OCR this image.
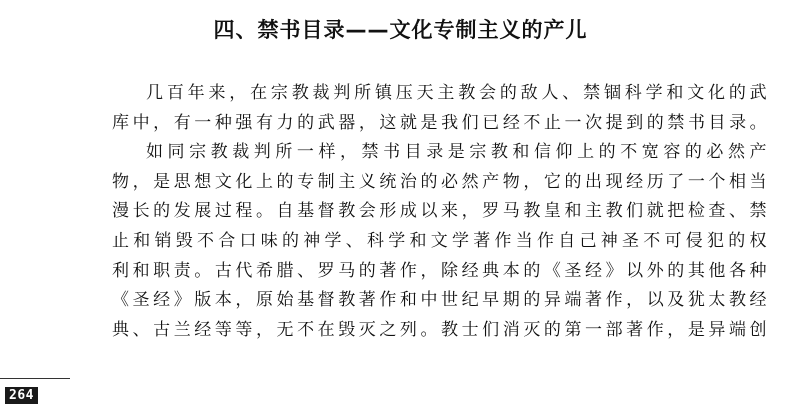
四、禁书目录——文化专制主义的产儿
几百年来，在宗教裁判所镇压天主教会的敌人、禁锢科学和文化的武
库中，有一种强有力的武器，这就是我们已经不止一次提到的禁书目录。
如同宗教裁判所一样，禁书目录是宗教和信仰上的不宽容的必然产
物，是思想文化上的专制主义统治的必然产物，它的出现经历了一个相当
漫长的发展过程。自基督教会形成以来，罗马教皇和主教们就把检查、禁
止和销毁不合口味的神学、科学和文学著作当作自己神圣不可侵犯的权
利和职责。古代希腊、罗马的著作，除经典本的《圣经》以外的其他各种
《圣经》版本，原始基督教著作和中世纪早期的异端著作，以及犹太教经
典、古兰经等等，无不在毁灭之列。教士们消灭的第一部著作，是异端创
264
